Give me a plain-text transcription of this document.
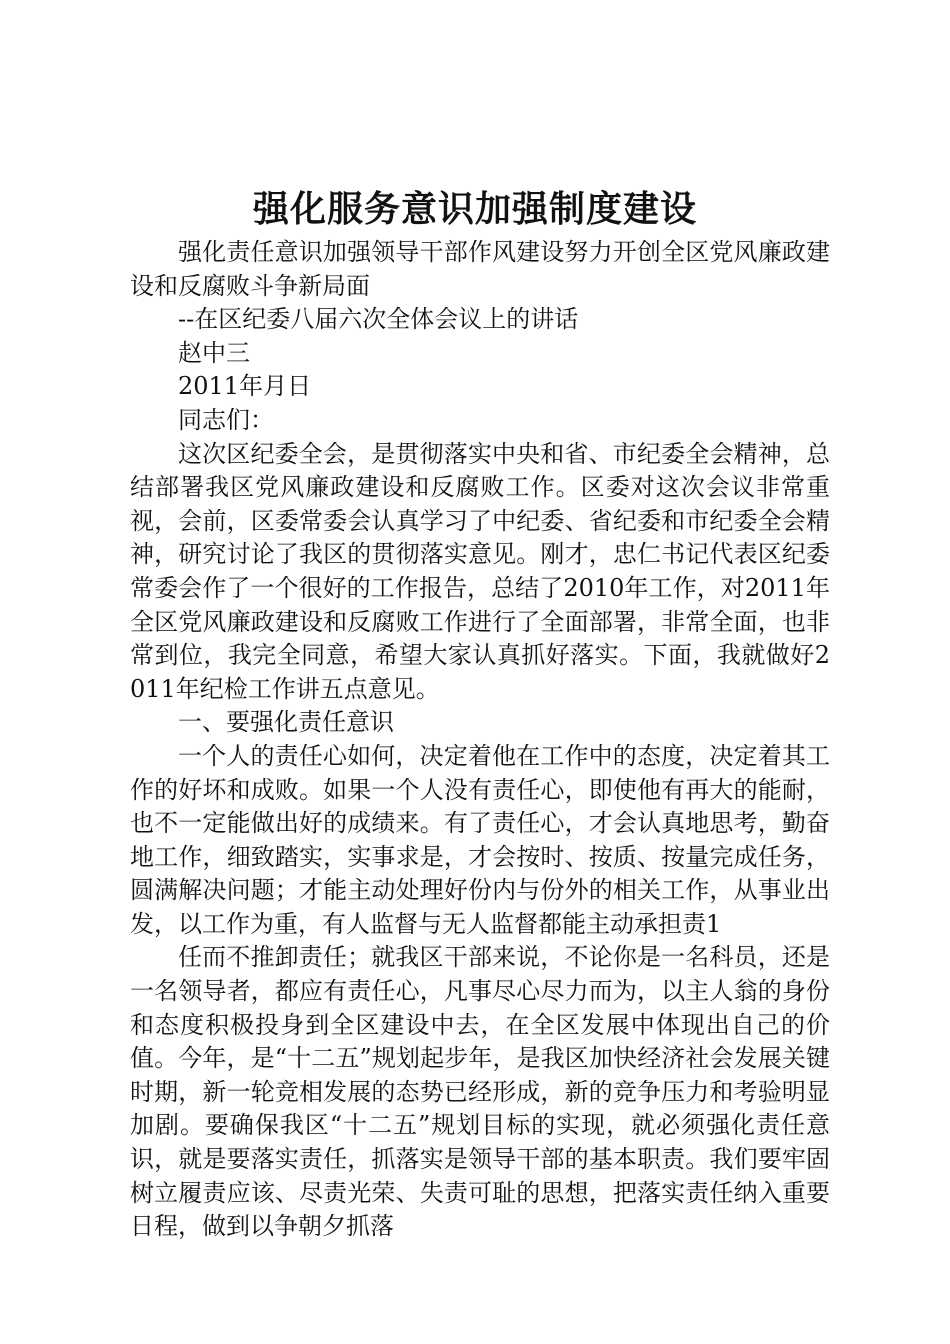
强化服务意识加强制度建设

强化责任意识加强领导干部作风建设努力开创全区党风廉政建设和反腐败斗争新局面

--在区纪委八届六次全体会议上的讲话

赵中三

2011年月日

同志们：

这次区纪委全会，是贯彻落实中央和省、市纪委全会精神，总结部署我区党风廉政建设和反腐败工作。区委对这次会议非常重视，会前，区委常委会认真学习了中纪委、省纪委和市纪委全会精神，研究讨论了我区的贯彻落实意见。刚才，忠仁书记代表区纪委常委会作了一个很好的工作报告，总结了2010年工作，对2011年全区党风廉政建设和反腐败工作进行了全面部署，非常全面，也非常到位，我完全同意，希望大家认真抓好落实。下面，我就做好2011年纪检工作讲五点意见。

一、要强化责任意识

一个人的责任心如何，决定着他在工作中的态度，决定着其工作的好坏和成败。如果一个人没有责任心，即使他有再大的能耐，也不一定能做出好的成绩来。有了责任心，才会认真地思考，勤奋地工作，细致踏实，实事求是，才会按时、按质、按量完成任务，圆满解决问题；才能主动处理好份内与份外的相关工作，从事业出发，以工作为重，有人监督与无人监督都能主动承担责1

任而不推卸责任；就我区干部来说，不论你是一名科员，还是一名领导者，都应有责任心，凡事尽心尽力而为，以主人翁的身份和态度积极投身到全区建设中去，在全区发展中体现出自己的价值。今年，是“十二五”规划起步年，是我区加快经济社会发展关键时期，新一轮竞相发展的态势已经形成，新的竞争压力和考验明显加剧。要确保我区“十二五”规划目标的实现，就必须强化责任意识，就是要落实责任，抓落实是领导干部的基本职责。我们要牢固树立履责应该、尽责光荣、失责可耻的思想，把落实责任纳入重要日程，做到以争朝夕抓落
